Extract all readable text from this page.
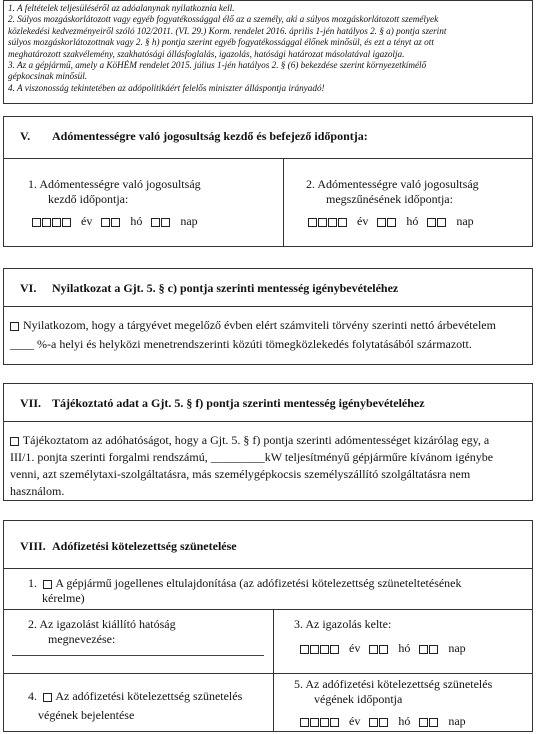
1. A feltételek teljesüléséről az adóalanynak nyilatkoznia kell.
2. Súlyos mozgáskorlátozott vagy egyéb fogyatékossággal élő az a személy, aki a súlyos mozgáskorlátozott személyek
közlekedési kedvezményeiről szóló 102/2011. (VI. 29.) Korm. rendelet 2016. április 1-jén hatályos 2. § a) pontja szerint
súlyos mozgáskorlátozottnak vagy 2. § h) pontja szerint egyéb fogyatékossággal élőnek minősül, és ezt a tényt az ott
meghatározott szakvélemény, szakhatósági állásfoglalás, igazolás, hatósági határozat másolatával igazolja.
3. Az a gépjármű, amely a KöHÉM rendelet 2015. július 1-jén hatályos 2. § (6) bekezdése szerint környezetkímélő
gépkocsinak minősül.
4. A viszonosság tekintetében az adópolitikáért felelős miniszter álláspontja irányadó!
V. Adómentességre való jogosultság kezdő és befejező időpontja:
1. Adómentességre való jogosultság
kezdő időpontja:
év	hó	nap
2. Adómentességre való jogosultság
megszűnésének időpontja:
év	hó	nap
VI. Nyilatkozat a Gjt. 5. § c) pontja szerinti mentesség igénybevételéhez
Nyilatkozom, hogy a tárgyévet megelőző évben elért számviteli törvény szerinti nettó árbevételem
____ %-a helyi és helyközi menetrendszerinti közúti tömegközlekedés folytatásából származott.
VII. Tájékoztató adat a Gjt. 5. § f) pontja szerinti mentesség igénybevételéhez
Tájékoztatom az adóhatóságot, hogy a Gjt. 5. § f) pontja szerinti adómentességet kizárólag egy, a
III/1. ponjta szerinti forgalmi rendszámú, _________kW teljesítményű gépjárműre kívánom igénybe
venni, azt személytaxi-szolgáltatásra, más személygépkocsis személyszállító szolgáltatásra nem
használom.
VIII. Adófizetési kötelezettség szünetelése
1. A gépjármű jogellenes eltulajdonítása (az adófizetési kötelezettség szüneteltetésének
kérelme)
2. Az igazolást kiállító hatóság
megnevezése:
3. Az igazolás kelte:
év	hó	nap
4. Az adófizetési kötelezettség szünetelés
végének bejelentése
5. Az adófizetési kötelezettség szünetelés
végének időpontja
év	hó	nap
